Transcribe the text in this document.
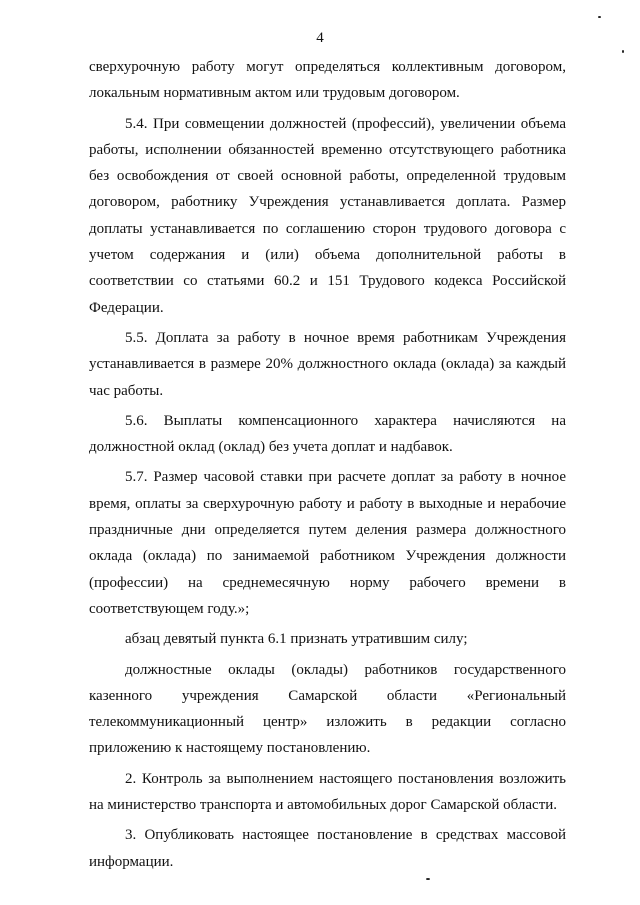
4

сверхурочную работу могут определяться коллективным договором, локальным нормативным актом или трудовым договором.

5.4. При совмещении должностей (профессий), увеличении объема работы, исполнении обязанностей временно отсутствующего работника без освобождения от своей основной работы, определенной трудовым договором, работнику Учреждения устанавливается доплата. Размер доплаты устанавливается по соглашению сторон трудового договора с учетом содержания и (или) объема дополнительной работы в соответствии со статьями 60.2 и 151 Трудового кодекса Российской Федерации.

5.5. Доплата за работу в ночное время работникам Учреждения устанавливается в размере 20% должностного оклада (оклада) за каждый час работы.

5.6. Выплаты компенсационного характера начисляются на должностной оклад (оклад) без учета доплат и надбавок.

5.7. Размер часовой ставки при расчете доплат за работу в ночное время, оплаты за сверхурочную работу и работу в выходные и нерабочие праздничные дни определяется путем деления размера должностного оклада (оклада) по занимаемой работником Учреждения должности (профессии) на среднемесячную норму рабочего времени в соответствующем году.»;

абзац девятый пункта 6.1 признать утратившим силу;

должностные оклады (оклады) работников государственного казенного учреждения Самарской области «Региональный телекоммуникационный центр» изложить в редакции согласно приложению к настоящему постановлению.

2. Контроль за выполнением настоящего постановления возложить на министерство транспорта и автомобильных дорог Самарской области.

3. Опубликовать настоящее постановление в средствах массовой информации.
